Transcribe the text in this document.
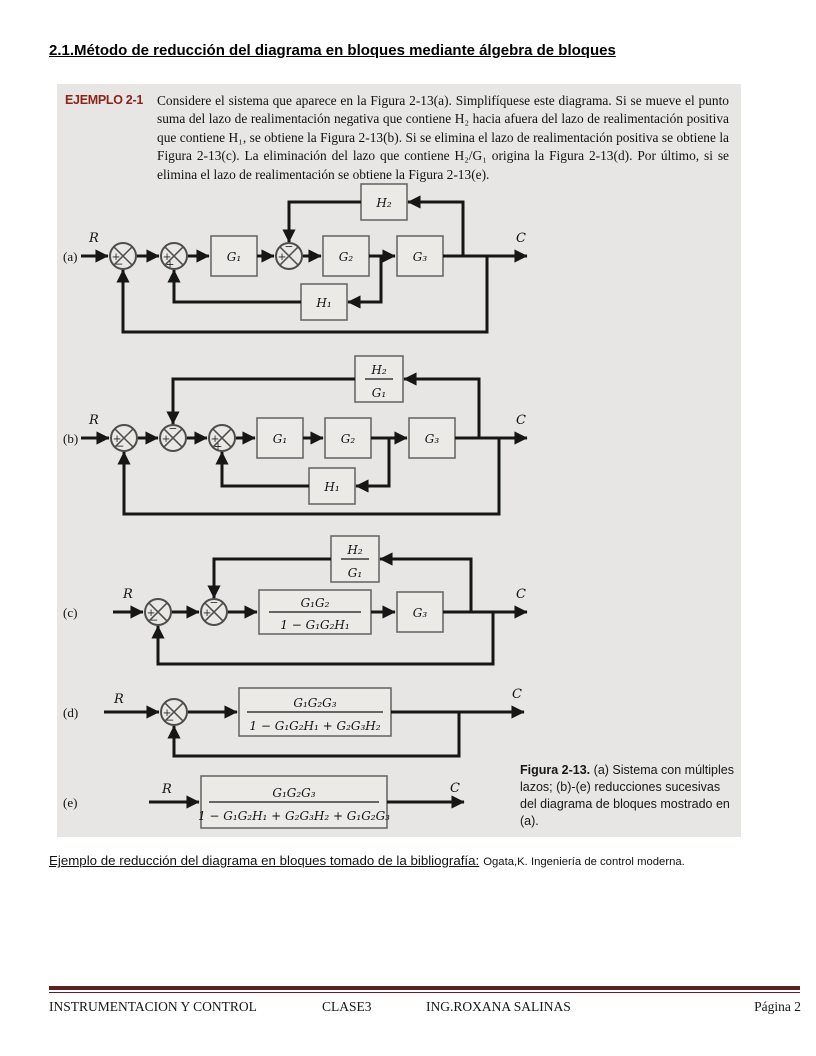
2.1.Método de reducción del diagrama en bloques mediante álgebra de bloques
EJEMPLO 2-1	Considere el sistema que aparece en la Figura 2-13(a). Simplifíquese este diagrama. Si se mueve el punto suma del lazo de realimentación negativa que contiene H₂ hacia afuera del lazo de realimentación positiva que contiene H₁, se obtiene la Figura 2-13(b). Si se elimina el lazo de realimentación positiva se obtiene la Figura 2-13(c). La eliminación del lazo que contiene H₂/G₁ origina la Figura 2-13(d). Por último, si se elimina el lazo de realimentación se obtiene la Figura 2-13(e).
(a)
R
+
−
+
+
G₁	+
−
G₂	G₃
C
H₂
H₁
(b)
R
+
−
+
−
+
+
G₁	G₂	G₃
C
H₂
G₁
H₁
(c)
R
+
−
+
−	G₁G₂
1 − G₁G₂H₁
G₃
C
H₂
G₁
(d)
R
+
−
G₁G₂G₃
1 − G₁G₂H₁ + G₂G₃H₂
C
(e)
R	G₁G₂G₃
1 − G₁G₂H₁ + G₂G₃H₂ + G₁G₂G₃
C
Figura 2-13. (a) Sistema con múltiples lazos; (b)-(e) reducciones sucesivas del diagrama de bloques mostrado en (a).
Ejemplo de reducción del diagrama en bloques tomado de la bibliografía: Ogata,K. Ingeniería de control moderna.
INSTRUMENTACION Y CONTROL	CLASE3	ING.ROXANA SALINAS	Página 2
